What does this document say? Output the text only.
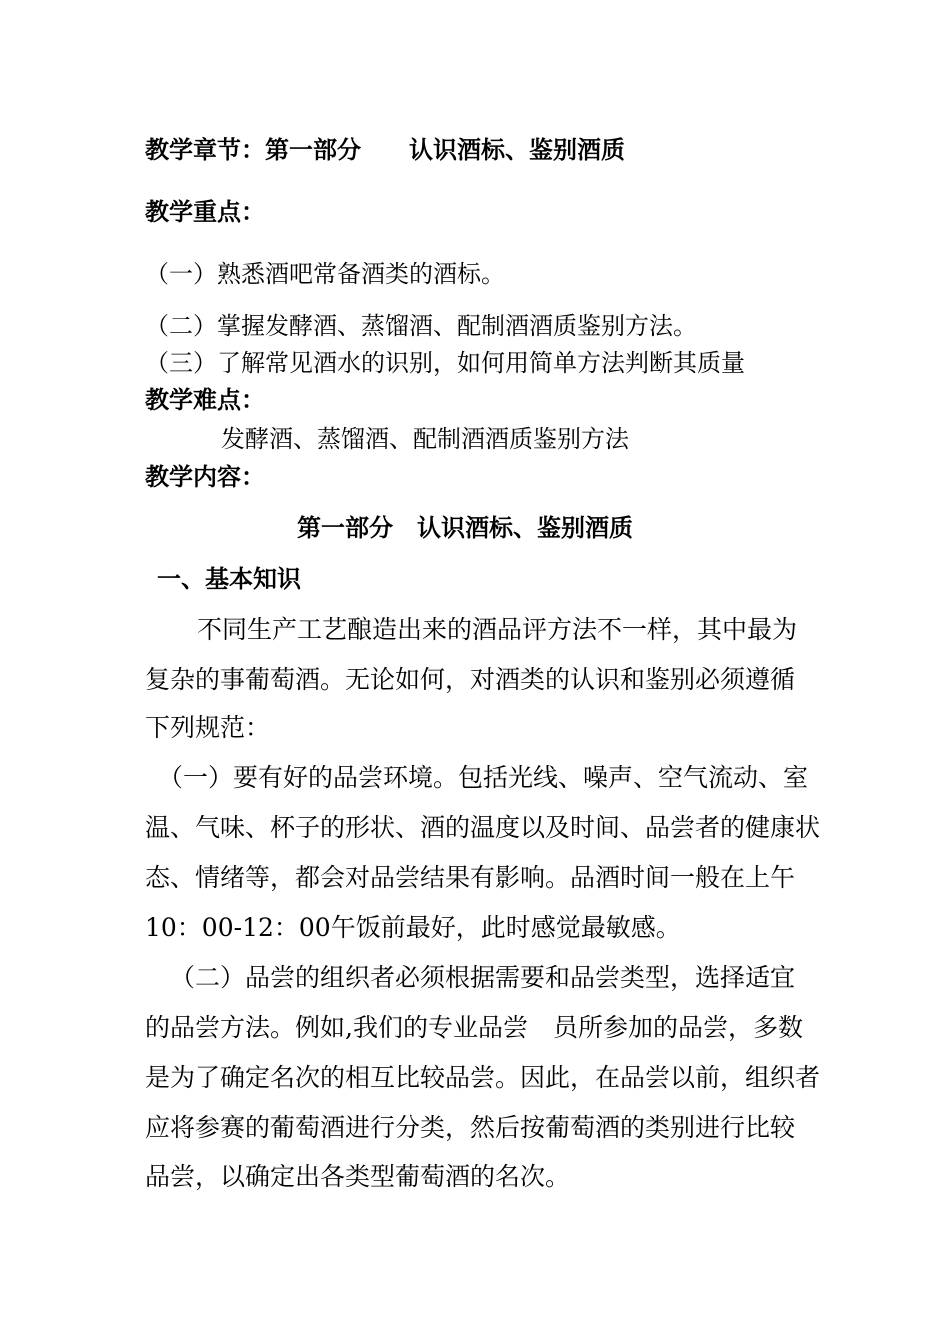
教学章节：第一部分　　认识酒标、鉴别酒质
教学重点：
（一）熟悉酒吧常备酒类的酒标。
（二）掌握发酵酒、蒸馏酒、配制酒酒质鉴别方法。
（三）了解常见酒水的识别，如何用简单方法判断其质量
教学难点：
发酵酒、蒸馏酒、配制酒酒质鉴别方法
教学内容：
第一部分　认识酒标、鉴别酒质
一、基本知识
不同生产工艺酿造出来的酒品评方法不一样，其中最为
复杂的事葡萄酒。无论如何，对酒类的认识和鉴别必须遵循
下列规范：
（一）要有好的品尝环境。包括光线、噪声、空气流动、室
温、气味、杯子的形状、酒的温度以及时间、品尝者的健康状
态、情绪等，都会对品尝结果有影响。品酒时间一般在上午
10：00-12：00午饭前最好，此时感觉最敏感。
（二）品尝的组织者必须根据需要和品尝类型，选择适宜
的品尝方法。例如,我们的专业品尝　员所参加的品尝，多数
是为了确定名次的相互比较品尝。因此，在品尝以前，组织者
应将参赛的葡萄酒进行分类，然后按葡萄酒的类别进行比较
品尝，以确定出各类型葡萄酒的名次。
